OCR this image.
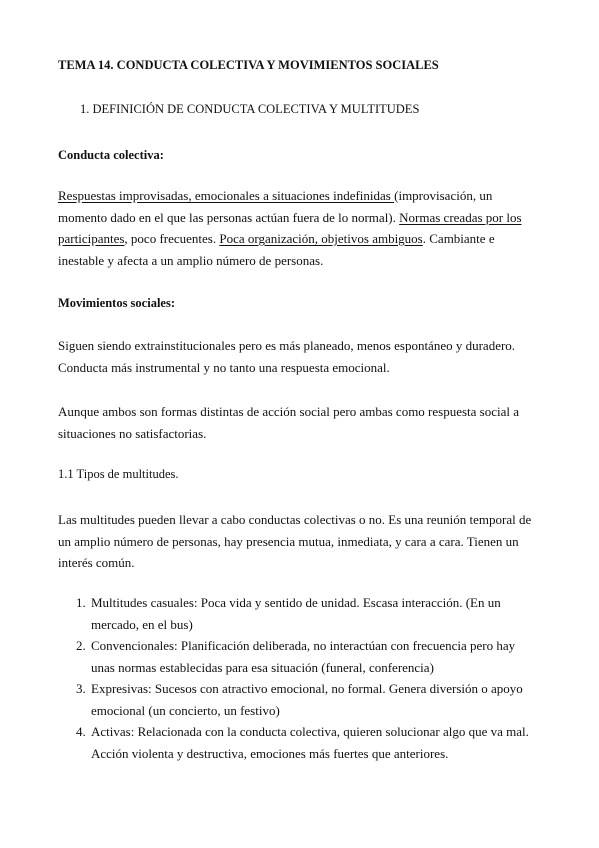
TEMA 14. CONDUCTA COLECTIVA Y MOVIMIENTOS SOCIALES
1. DEFINICIÓN DE CONDUCTA COLECTIVA Y MULTITUDES
Conducta colectiva:
Respuestas improvisadas, emocionales a situaciones indefinidas (improvisación, un momento dado en el que las personas actúan fuera de lo normal). Normas creadas por los participantes, poco frecuentes. Poca organización, objetivos ambiguos. Cambiante e inestable y afecta a un amplio número de personas.
Movimientos sociales:
Siguen siendo extrainstitucionales pero es más planeado, menos espontáneo y duradero. Conducta más instrumental y no tanto una respuesta emocional.
Aunque ambos son formas distintas de acción social pero ambas como respuesta social a situaciones no satisfactorias.
1.1 Tipos de multitudes.
Las multitudes pueden llevar a cabo conductas colectivas o no. Es una reunión temporal de un amplio número de personas, hay presencia mutua, inmediata, y cara a cara. Tienen un interés común.
1. Multitudes casuales: Poca vida y sentido de unidad. Escasa interacción. (En un mercado, en el bus)
2. Convencionales: Planificación deliberada, no interactúan con frecuencia pero hay unas normas establecidas para esa situación (funeral, conferencia)
3. Expresivas: Sucesos con atractivo emocional, no formal. Genera diversión o apoyo emocional (un concierto, un festivo)
4. Activas: Relacionada con la conducta colectiva, quieren solucionar algo que va mal. Acción violenta y destructiva, emociones más fuertes que anteriores.
